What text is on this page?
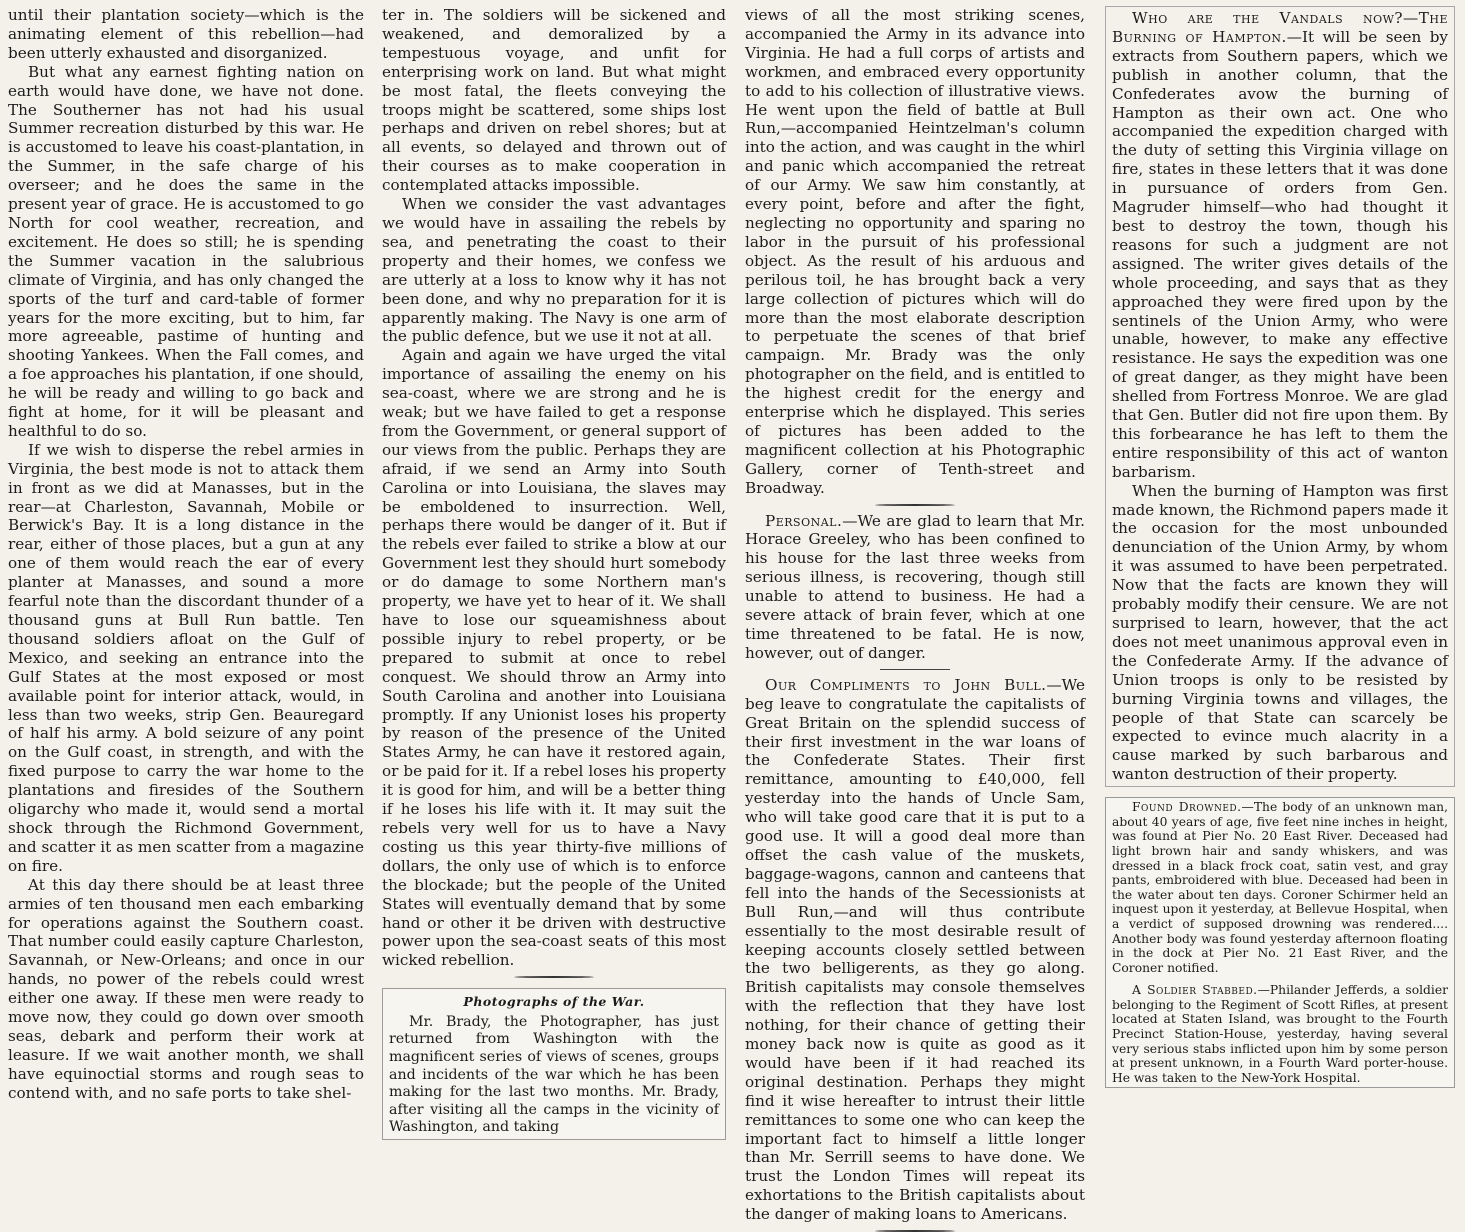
until their plantation society—which is the animating element of this rebellion—had been utterly exhausted and disorganized.

But what any earnest fighting nation on earth would have done, we have not done. The Southerner has not had his usual Summer recreation disturbed by this war. He is accustomed to leave his coast-plantation, in the Summer, in the safe charge of his overseer; and he does the same in the present year of grace. He is accustomed to go North for cool weather, recreation, and excitement. He does so still; he is spending the Summer vacation in the salubrious climate of Virginia, and has only changed the sports of the turf and card-table of former years for the more exciting, but to him, far more agreeable, pastime of hunting and shooting Yankees. When the Fall comes, and a foe approaches his plantation, if one should, he will be ready and willing to go back and fight at home, for it will be pleasant and healthful to do so.

If we wish to disperse the rebel armies in Virginia, the best mode is not to attack them in front as we did at Manasses, but in the rear—at Charleston, Savannah, Mobile or Berwick's Bay. It is a long distance in the rear, either of those places, but a gun at any one of them would reach the ear of every planter at Manasses, and sound a more fearful note than the discordant thunder of a thousand guns at Bull Run battle. Ten thousand soldiers afloat on the Gulf of Mexico, and seeking an entrance into the Gulf States at the most exposed or most available point for interior attack, would, in less than two weeks, strip Gen. Beauregard of half his army. A bold seizure of any point on the Gulf coast, in strength, and with the fixed purpose to carry the war home to the plantations and firesides of the Southern oligarchy who made it, would send a mortal shock through the Richmond Government, and scatter it as men scatter from a magazine on fire.

At this day there should be at least three armies of ten thousand men each embarking for operations against the Southern coast. That number could easily capture Charleston, Savannah, or New-Orleans; and once in our hands, no power of the rebels could wrest either one away. If these men were ready to move now, they could go down over smooth seas, debark and perform their work at leasure. If we wait another month, we shall have equinoctial storms and rough seas to contend with, and no safe ports to take shel-

ter in. The soldiers will be sickened and weakened, and demoralized by a tempestuous voyage, and unfit for enterprising work on land. But what might be most fatal, the fleets conveying the troops might be scattered, some ships lost perhaps and driven on rebel shores; but at all events, so delayed and thrown out of their courses as to make cooperation in contemplated attacks impossible.

When we consider the vast advantages we would have in assailing the rebels by sea, and penetrating the coast to their property and their homes, we confess we are utterly at a loss to know why it has not been done, and why no preparation for it is apparently making. The Navy is one arm of the public defence, but we use it not at all.

Again and again we have urged the vital importance of assailing the enemy on his sea-coast, where we are strong and he is weak; but we have failed to get a response from the Government, or general support of our views from the public. Perhaps they are afraid, if we send an Army into South Carolina or into Louisiana, the slaves may be emboldened to insurrection. Well, perhaps there would be danger of it. But if the rebels ever failed to strike a blow at our Government lest they should hurt somebody or do damage to some Northern man's property, we have yet to hear of it. We shall have to lose our squeamishness about possible injury to rebel property, or be prepared to submit at once to rebel conquest. We should throw an Army into South Carolina and another into Louisiana promptly. If any Unionist loses his property by reason of the presence of the United States Army, he can have it restored again, or be paid for it. If a rebel loses his property it is good for him, and will be a better thing if he loses his life with it. It may suit the rebels very well for us to have a Navy costing us this year thirty-five millions of dollars, the only use of which is to enforce the blockade; but the people of the United States will eventually demand that by some hand or other it be driven with destructive power upon the sea-coast seats of this most wicked rebellion.

Photographs of the War.

Mr. Brady, the Photographer, has just returned from Washington with the magnificent series of views of scenes, groups and incidents of the war which he has been making for the last two months. Mr. Brady, after visiting all the camps in the vicinity of Washington, and taking

views of all the most striking scenes, accompanied the Army in its advance into Virginia. He had a full corps of artists and workmen, and embraced every opportunity to add to his collection of illustrative views. He went upon the field of battle at Bull Run,—accompanied Heintzelman's column into the action, and was caught in the whirl and panic which accompanied the retreat of our Army. We saw him constantly, at every point, before and after the fight, neglecting no opportunity and sparing no labor in the pursuit of his professional object. As the result of his arduous and perilous toil, he has brought back a very large collection of pictures which will do more than the most elaborate description to perpetuate the scenes of that brief campaign. Mr. Brady was the only photographer on the field, and is entitled to the highest credit for the energy and enterprise which he displayed. This series of pictures has been added to the magnificent collection at his Photographic Gallery, corner of Tenth-street and Broadway.

Personal.—We are glad to learn that Mr. Horace Greeley, who has been confined to his house for the last three weeks from serious illness, is recovering, though still unable to attend to business. He had a severe attack of brain fever, which at one time threatened to be fatal. He is now, however, out of danger.

Our Compliments to John Bull.—We beg leave to congratulate the capitalists of Great Britain on the splendid success of their first investment in the war loans of the Confederate States. Their first remittance, amounting to £40,000, fell yesterday into the hands of Uncle Sam, who will take good care that it is put to a good use. It will a good deal more than offset the cash value of the muskets, baggage-wagons, cannon and canteens that fell into the hands of the Secessionists at Bull Run,—and will thus contribute essentially to the most desirable result of keeping accounts closely settled between the two belligerents, as they go along. British capitalists may console themselves with the reflection that they have lost nothing, for their chance of getting their money back now is quite as good as it would have been if it had reached its original destination. Perhaps they might find it wise hereafter to intrust their little remittances to some one who can keep the important fact to himself a little longer than Mr. Serrill seems to have done. We trust the London Times will repeat its exhortations to the British capitalists about the danger of making loans to Americans.

Who are the Vandals now?—The Burning of Hampton.—It will be seen by extracts from Southern papers, which we publish in another column, that the Confederates avow the burning of Hampton as their own act. One who accompanied the expedition charged with the duty of setting this Virginia village on fire, states in these letters that it was done in pursuance of orders from Gen. Magruder himself—who had thought it best to destroy the town, though his reasons for such a judgment are not assigned. The writer gives details of the whole proceeding, and says that as they approached they were fired upon by the sentinels of the Union Army, who were unable, however, to make any effective resistance. He says the expedition was one of great danger, as they might have been shelled from Fortress Monroe. We are glad that Gen. Butler did not fire upon them. By this forbearance he has left to them the entire responsibility of this act of wanton barbarism.

When the burning of Hampton was first made known, the Richmond papers made it the occasion for the most unbounded denunciation of the Union Army, by whom it was assumed to have been perpetrated. Now that the facts are known they will probably modify their censure. We are not surprised to learn, however, that the act does not meet unanimous approval even in the Confederate Army. If the advance of Union troops is only to be resisted by burning Virginia towns and villages, the people of that State can scarcely be expected to evince much alacrity in a cause marked by such barbarous and wanton destruction of their property.

Found Drowned.—The body of an unknown man, about 40 years of age, five feet nine inches in height, was found at Pier No. 20 East River. Deceased had light brown hair and sandy whiskers, and was dressed in a black frock coat, satin vest, and gray pants, embroidered with blue. Deceased had been in the water about ten days. Coroner Schirmer held an inquest upon it yesterday, at Bellevue Hospital, when a verdict of supposed drowning was rendered.... Another body was found yesterday afternoon floating in the dock at Pier No. 21 East River, and the Coroner notified.

A Soldier Stabbed.—Philander Jefferds, a soldier belonging to the Regiment of Scott Rifles, at present located at Staten Island, was brought to the Fourth Precinct Station-House, yesterday, having several very serious stabs inflicted upon him by some person at present unknown, in a Fourth Ward porter-house. He was taken to the New-York Hospital.
